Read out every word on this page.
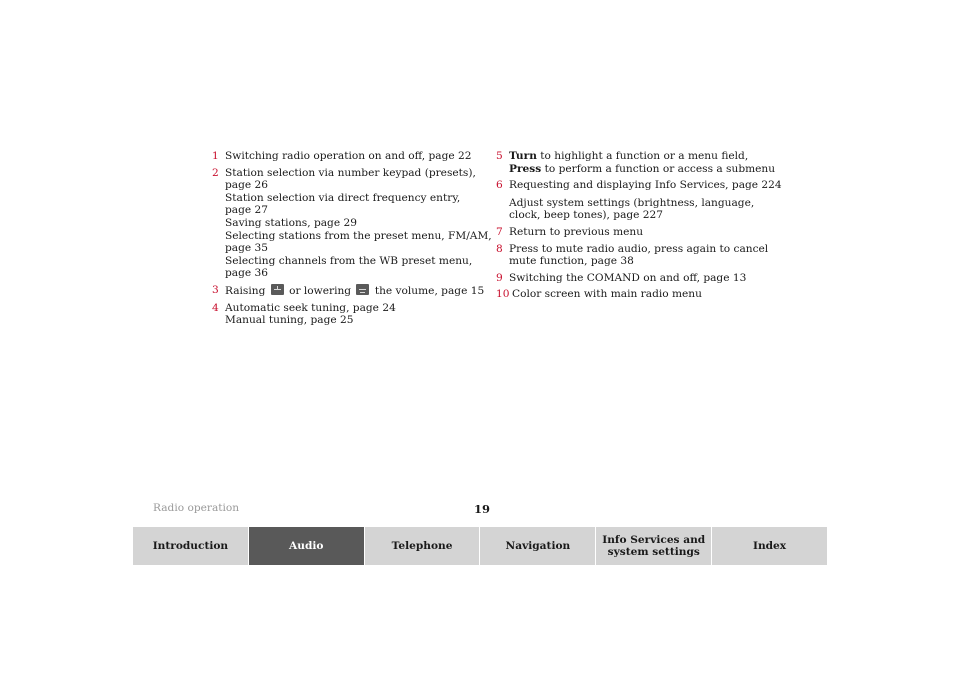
1 Switching radio operation on and off, page 22
2 Station selection via number keypad (presets),
page 26
Station selection via direct frequency entry,
page 27
Saving stations, page 29
Selecting stations from the preset menu, FM/AM,
page 35
Selecting channels from the WB preset menu,
page 36
3 Raising or lowering the volume, page 15
4 Automatic seek tuning, page 24
Manual tuning, page 25
5 Turn to highlight a function or a menu field,
Press to perform a function or access a submenu
6 Requesting and displaying Info Services, page 224
Adjust system settings (brightness, language,
clock, beep tones), page 227
7 Return to previous menu
8 Press to mute radio audio, press again to cancel
mute function, page 38
9 Switching the COMAND on and off, page 13
10 Color screen with main radio menu
Radio operation	19
Introduction	Audio	Telephone	Navigation	Info Services and
system settings	Index
